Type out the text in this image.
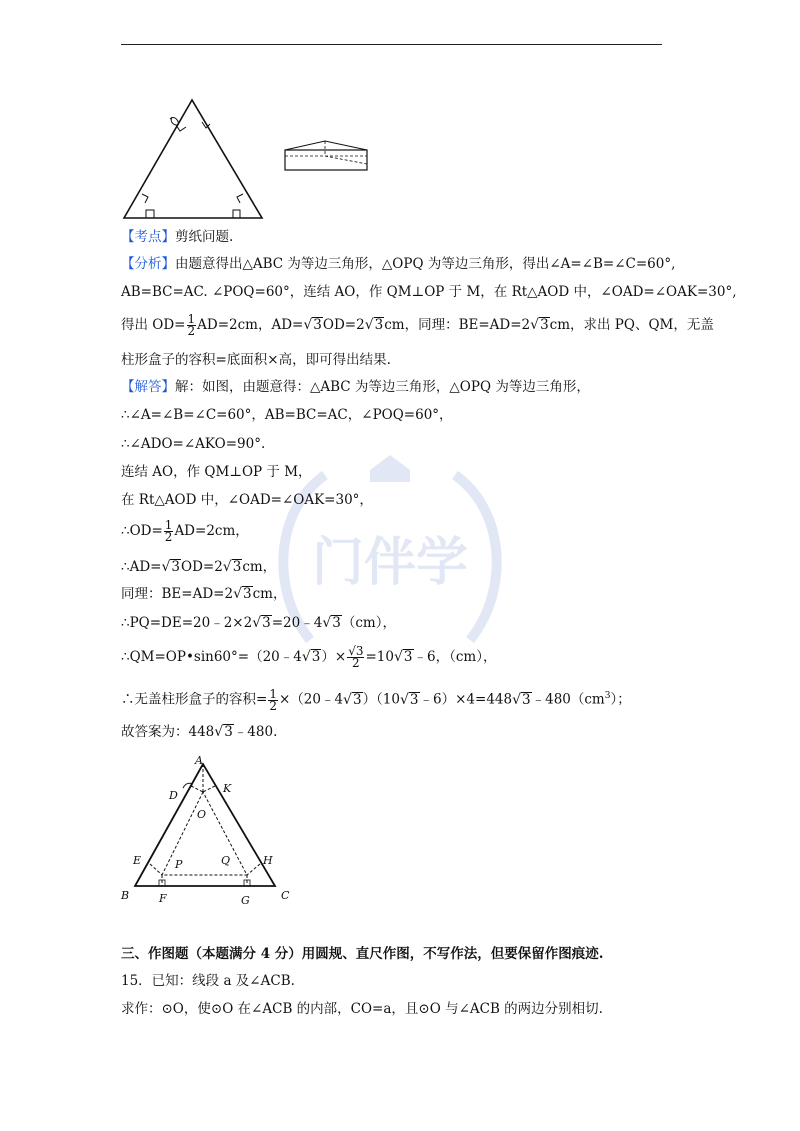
门伴学
【考点】剪纸问题.
【分析】由题意得出△ABC 为等边三角形，△OPQ 为等边三角形，得出∠A=∠B=∠C=60°,
AB=BC=AC. ∠POQ=60°，连结 AO，作 QM⊥OP 于 M，在 Rt△AOD 中，∠OAD=∠OAK=30°,
得出 $OD= \frac{1}{2} AD=2cm$，AD=√3OD=2√3cm，同理：BE=AD=2√3cm，求出 PQ、QM，无盖
柱形盒子的容积=底面积×高，即可得出结果.
【解答】解：如图，由题意得：△ABC 为等边三角形，△OPQ 为等边三角形，
∴∠A=∠B=∠C=60°，AB=BC=AC，∠POQ=60°，
∴∠ADO=∠AKO=90°.
连结 AO，作 QM⊥OP 于 M，
在 Rt△AOD 中，∠OAD=∠OAK=30°，
∴OD= $\frac{1}{2} AD=2cm$，
∴AD=√3OD=2√3cm，
同理：BE=AD=2√3cm，
∴PQ=DE=20﹣2×2√3=20﹣4√3（cm），
∴QM=OP•sin60°=（20﹣4√3）× $\frac{√3}{2}$ =10√3﹣6，（cm），
∴无盖柱形盒子的容积= $\frac{1}{2}$ $\times(20﹣4√3)(10√3﹣6)\times 4=448√3﹣480(cm^3)$；
故答案为：448√3﹣480.
A
D
K
O
E	P	Q	H
B	F	G	C
三、作图题（本题满分 4 分）用圆规、直尺作图，不写作法，但要保留作图痕迹.
15．已知：线段 a 及∠ACB.
求作：⊙O，使⊙O 在∠ACB 的内部，CO=a，且⊙O 与∠ACB 的两边分别相切.
